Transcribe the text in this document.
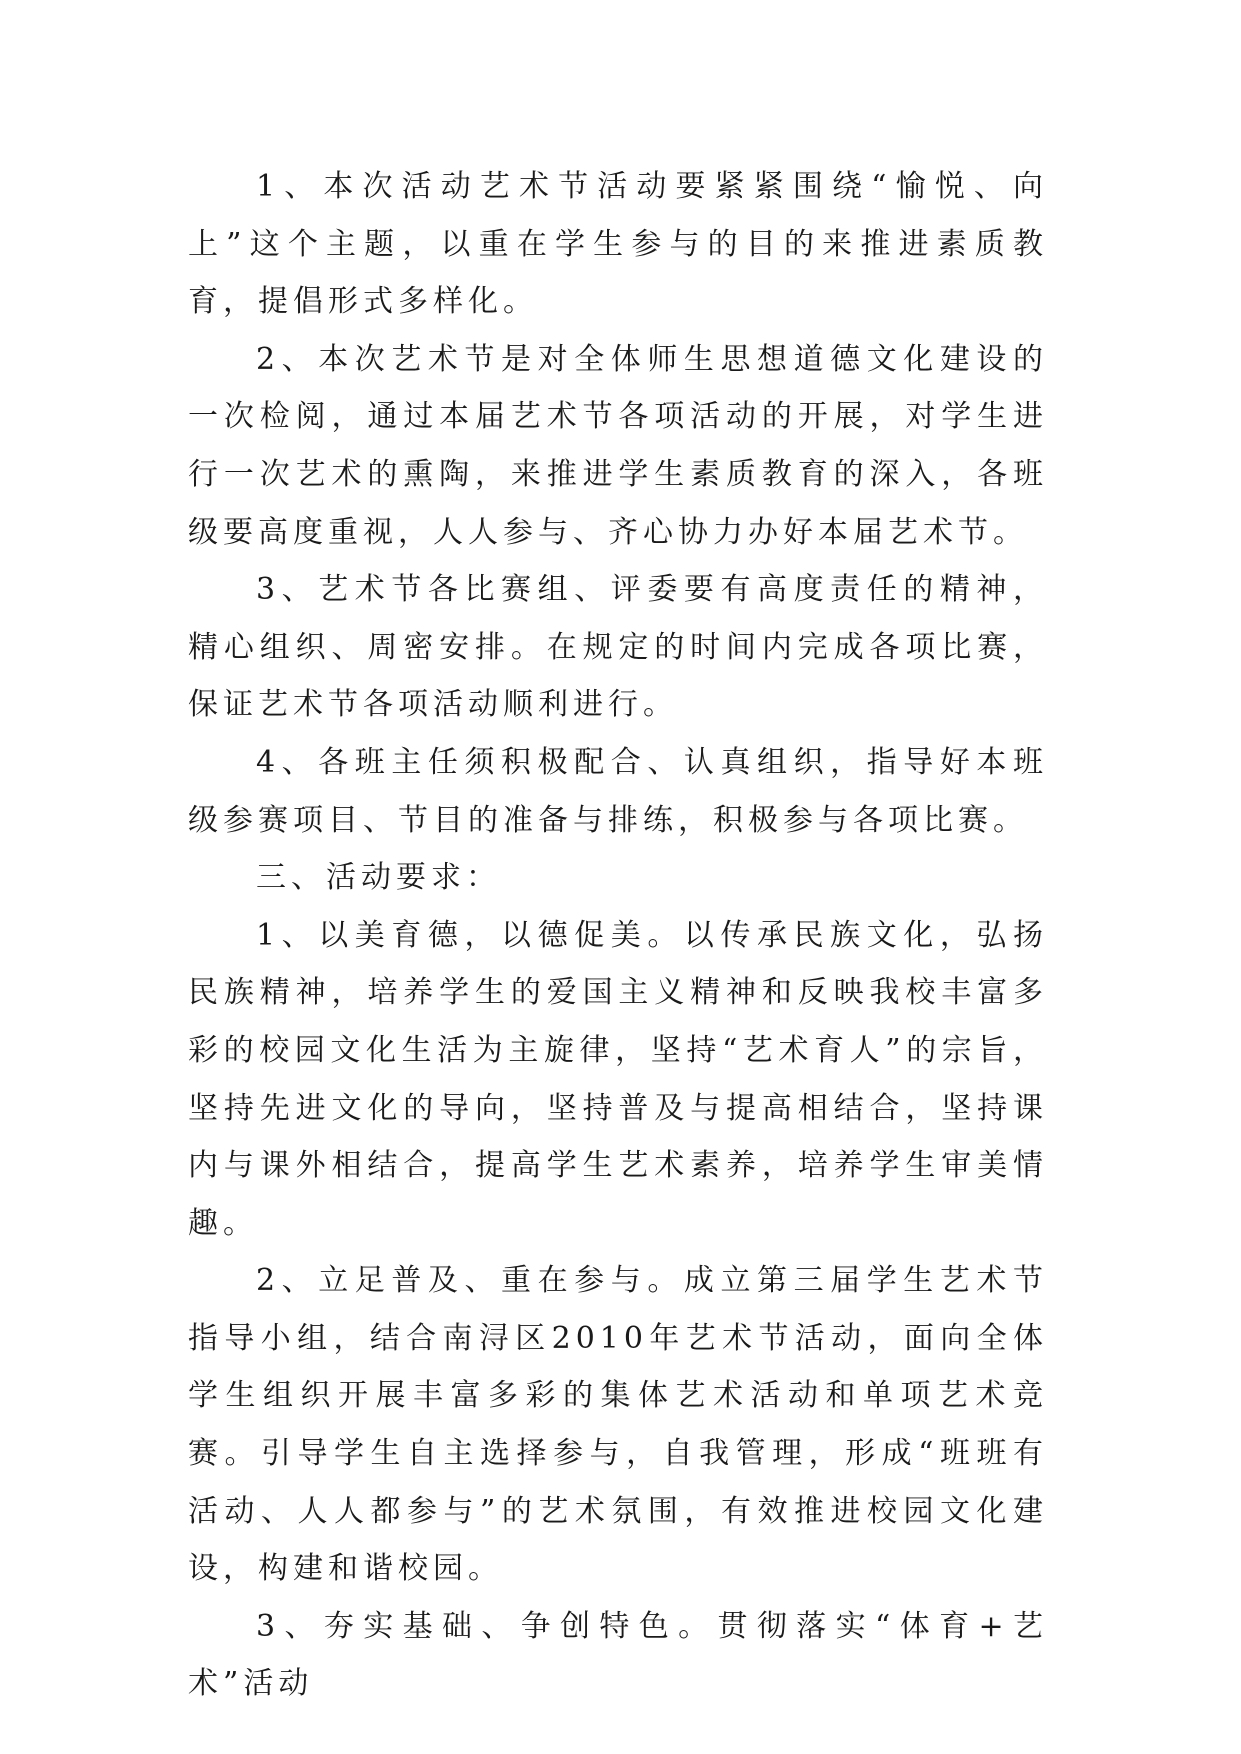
1、本次活动艺术节活动要紧紧围绕“愉悦、向上”这个主题，以重在学生参与的目的来推进素质教育，提倡形式多样化。

2、本次艺术节是对全体师生思想道德文化建设的一次检阅，通过本届艺术节各项活动的开展，对学生进行一次艺术的熏陶，来推进学生素质教育的深入，各班级要高度重视，人人参与、齐心协力办好本届艺术节。

3、艺术节各比赛组、评委要有高度责任的精神，精心组织、周密安排。在规定的时间内完成各项比赛，保证艺术节各项活动顺利进行。

4、各班主任须积极配合、认真组织，指导好本班级参赛项目、节目的准备与排练，积极参与各项比赛。

三、活动要求：

1、以美育德，以德促美。以传承民族文化，弘扬民族精神，培养学生的爱国主义精神和反映我校丰富多彩的校园文化生活为主旋律，坚持“艺术育人”的宗旨，坚持先进文化的导向，坚持普及与提高相结合，坚持课内与课外相结合，提高学生艺术素养，培养学生审美情趣。

2、立足普及、重在参与。成立第三届学生艺术节指导小组，结合南浔区2010年艺术节活动，面向全体学生组织开展丰富多彩的集体艺术活动和单项艺术竞赛。引导学生自主选择参与，自我管理，形成“班班有活动、人人都参与”的艺术氛围，有效推进校园文化建设，构建和谐校园。

3、夯实基础、争创特色。贯彻落实“体育+艺术”活动
